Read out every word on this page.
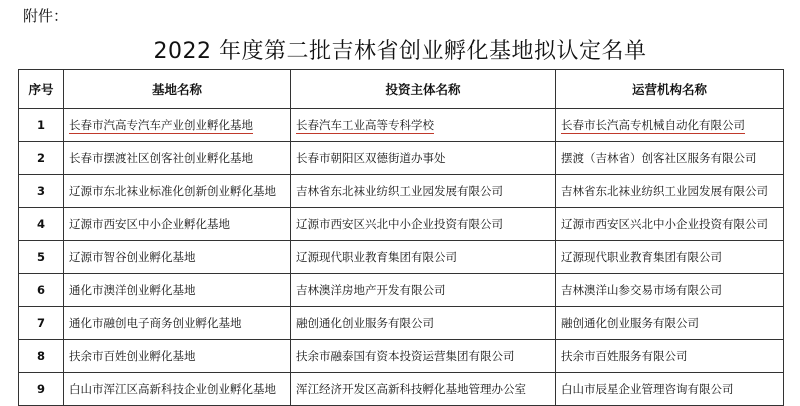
附件：
2022 年度第二批吉林省创业孵化基地拟认定名单
序号	基地名称	投资主体名称	运营机构名称
1	长春市汽高专汽车产业创业孵化基地	长春汽车工业高等专科学校	长春市长汽高专机械自动化有限公司
2	长春市摆渡社区创客社创业孵化基地	长春市朝阳区双德街道办事处	摆渡（吉林省）创客社区服务有限公司
3	辽源市东北袜业标准化创新创业孵化基地	吉林省东北袜业纺织工业园发展有限公司	吉林省东北袜业纺织工业园发展有限公司
4	辽源市西安区中小企业孵化基地	辽源市西安区兴北中小企业投资有限公司	辽源市西安区兴北中小企业投资有限公司
5	辽源市智谷创业孵化基地	辽源现代职业教育集团有限公司	辽源现代职业教育集团有限公司
6	通化市澳洋创业孵化基地	吉林澳洋房地产开发有限公司	吉林澳洋山参交易市场有限公司
7	通化市融创电子商务创业孵化基地	融创通化创业服务有限公司	融创通化创业服务有限公司
8	扶余市百姓创业孵化基地	扶余市融泰国有资本投资运营集团有限公司	扶余市百姓服务有限公司
9	白山市浑江区高新科技企业创业孵化基地	浑江经济开发区高新科技孵化基地管理办公室	白山市辰星企业管理咨询有限公司
